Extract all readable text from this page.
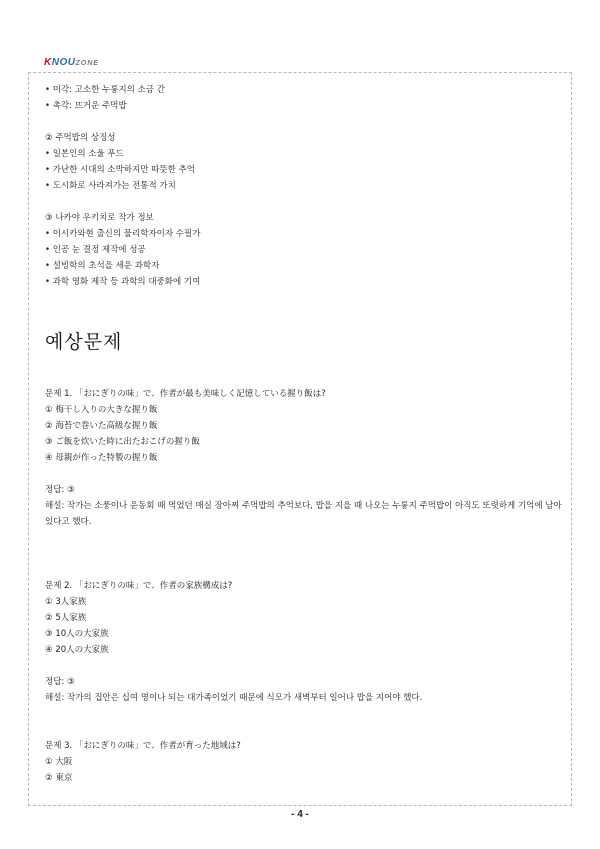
KNOUZONE
• 미각: 고소한 누룽지의 소금 간
• 촉각: 뜨거운 주먹밥
② 주먹밥의 상징성
• 일본인의 소울 푸드
• 가난한 시대의 소박하지만 따뜻한 추억
• 도시화로 사라져가는 전통적 가치
③ 나카야 우키치로 작가 정보
• 이시카와현 출신의 물리학자이자 수필가
• 인공 눈 결정 제작에 성공
• 설빙학의 초석을 세운 과학자
• 과학 영화 제작 등 과학의 대중화에 기여
예상문제
문제 1. 「おにぎりの味」で、作者が最も美味しく記憶している握り飯は?
① 梅干し入りの大きな握り飯
② 海苔で巻いた高級な握り飯
③ ご飯を炊いた時に出たおこげの握り飯
④ 母親が作った特製の握り飯
정답: ③
해설: 작가는 소풍이나 운동회 때 먹었던 매실 장아찌 주먹밥의 추억보다, 밥을 지을 때 나오는 누룽지 주먹밥이 아직도 또렷하게 기억에 남아 있다고 했다.
문제 2. 「おにぎりの味」で、作者の家族構成は?
① 3人家族
② 5人家族
③ 10人の大家族
④ 20人の大家族
정답: ③
해설: 작가의 집안은 십여 명이나 되는 대가족이었기 때문에 식모가 새벽부터 일어나 밥을 지어야 했다.
문제 3. 「おにぎりの味」で、作者が育った地域は?
① 大阪
② 東京
- 4 -
